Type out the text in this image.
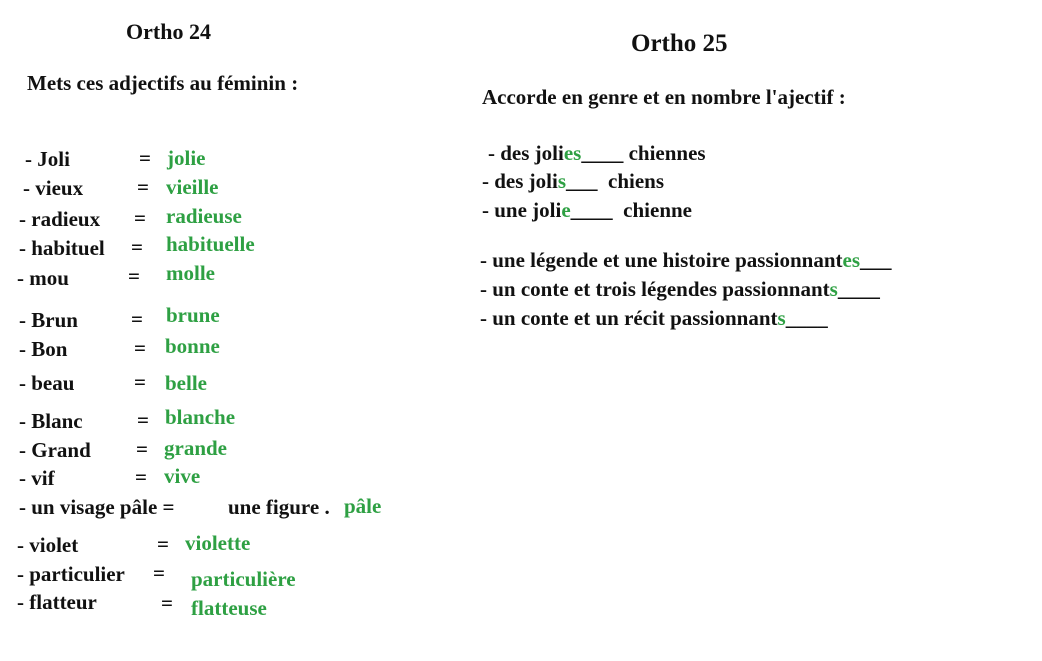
Ortho 24
Mets ces adjectifs au féminin :
- Joli	= jolie
- vieux	= vieille
- radieux = radieuse
- habituel = habituelle
- mou	= molle
- Brun	= brune
- Bon	= bonne
- beau	= belle
- Blanc	= blanche
- Grand = grande
- vif	= vive
- un visage pâle =	une figure . pâle
- violet	= violette
- particulier = particulière
- flatteur	= flatteuse
Ortho 25
Accorde en genre et en nombre l'ajectif :
- des jolies____ chiennes
- des jolis___  chiens
- une jolie____  chienne
- une légende et une histoire passionnantes___
- un conte et trois légendes passionnants____
- un conte et un récit passionnants____
